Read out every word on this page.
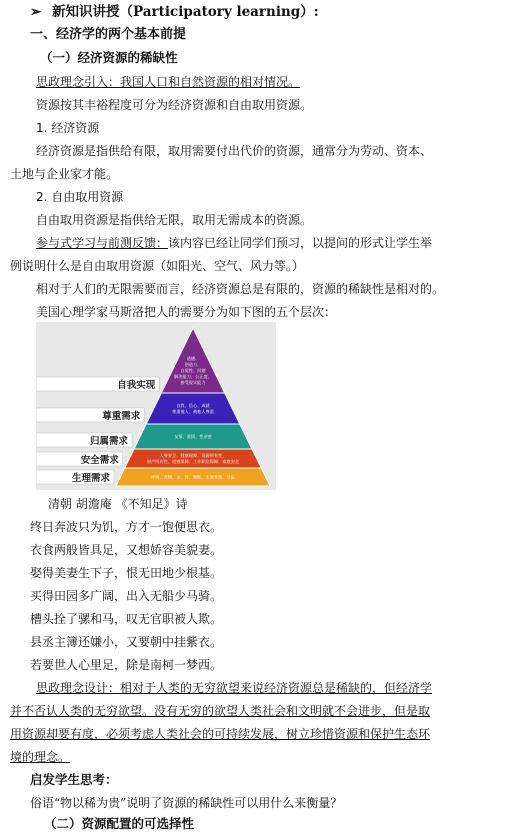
➢ 新知识讲授（Participatory learning）:
一、经济学的两个基本前提
（一）经济资源的稀缺性
思政理念引入：我国人口和自然资源的相对情况。
资源按其丰裕程度可分为经济资源和自由取用资源。
1. 经济资源
经济资源是指供给有限，取用需要付出代价的资源，通常分为劳动、资本、
土地与企业家才能。
2. 自由取用资源
自由取用资源是指供给无限，取用无需成本的资源。
参与式学习与前测反馈：该内容已经让同学们预习，以提问的形式让学生举
例说明什么是自由取用资源（如阳光、空气、风力等。）
相对于人们的无限需要而言，经济资源总是有限的，资源的稀缺性是相对的。
美国心理学家马斯洛把人的需要分为如下图的五个层次：
自我实现
道德、
创造力、
自觉性、问题
解决能力、公正度、
接受现实能力
尊重需求
自我、信心、成就
尊重他人、被他人尊重
归属需求	友情、爱情、性亲密
安全需求	人身安全、健康保障、资源所有性、
财产所有性、道德保障、工作职位保障、家庭安全
生理需求	呼吸、食物、水、性、睡眠、生理平衡、分泌
清朝 胡澹庵 《不知足》诗
终日奔波只为饥，方才一饱便思衣。
衣食两般皆具足，又想娇容美貌妻。
娶得美妻生下子，恨无田地少根基。
买得田园多广阔，出入无船少马骑。
槽头拴了骡和马，叹无官职被人欺。
县丞主簿还嫌小，又要朝中挂紫衣。
若要世人心里足，除是南柯一梦西。
思政理念设计：相对于人类的无穷欲望来说经济资源总是稀缺的，但经济学
并不否认人类的无穷欲望。没有无穷的欲望人类社会和文明就不会进步，但是取
用资源却要有度，必须考虑人类社会的可持续发展，树立珍惜资源和保护生态环
境的理念。
启发学生思考：
俗语“物以稀为贵”说明了资源的稀缺性可以用什么来衡量？
（二）资源配置的可选择性
